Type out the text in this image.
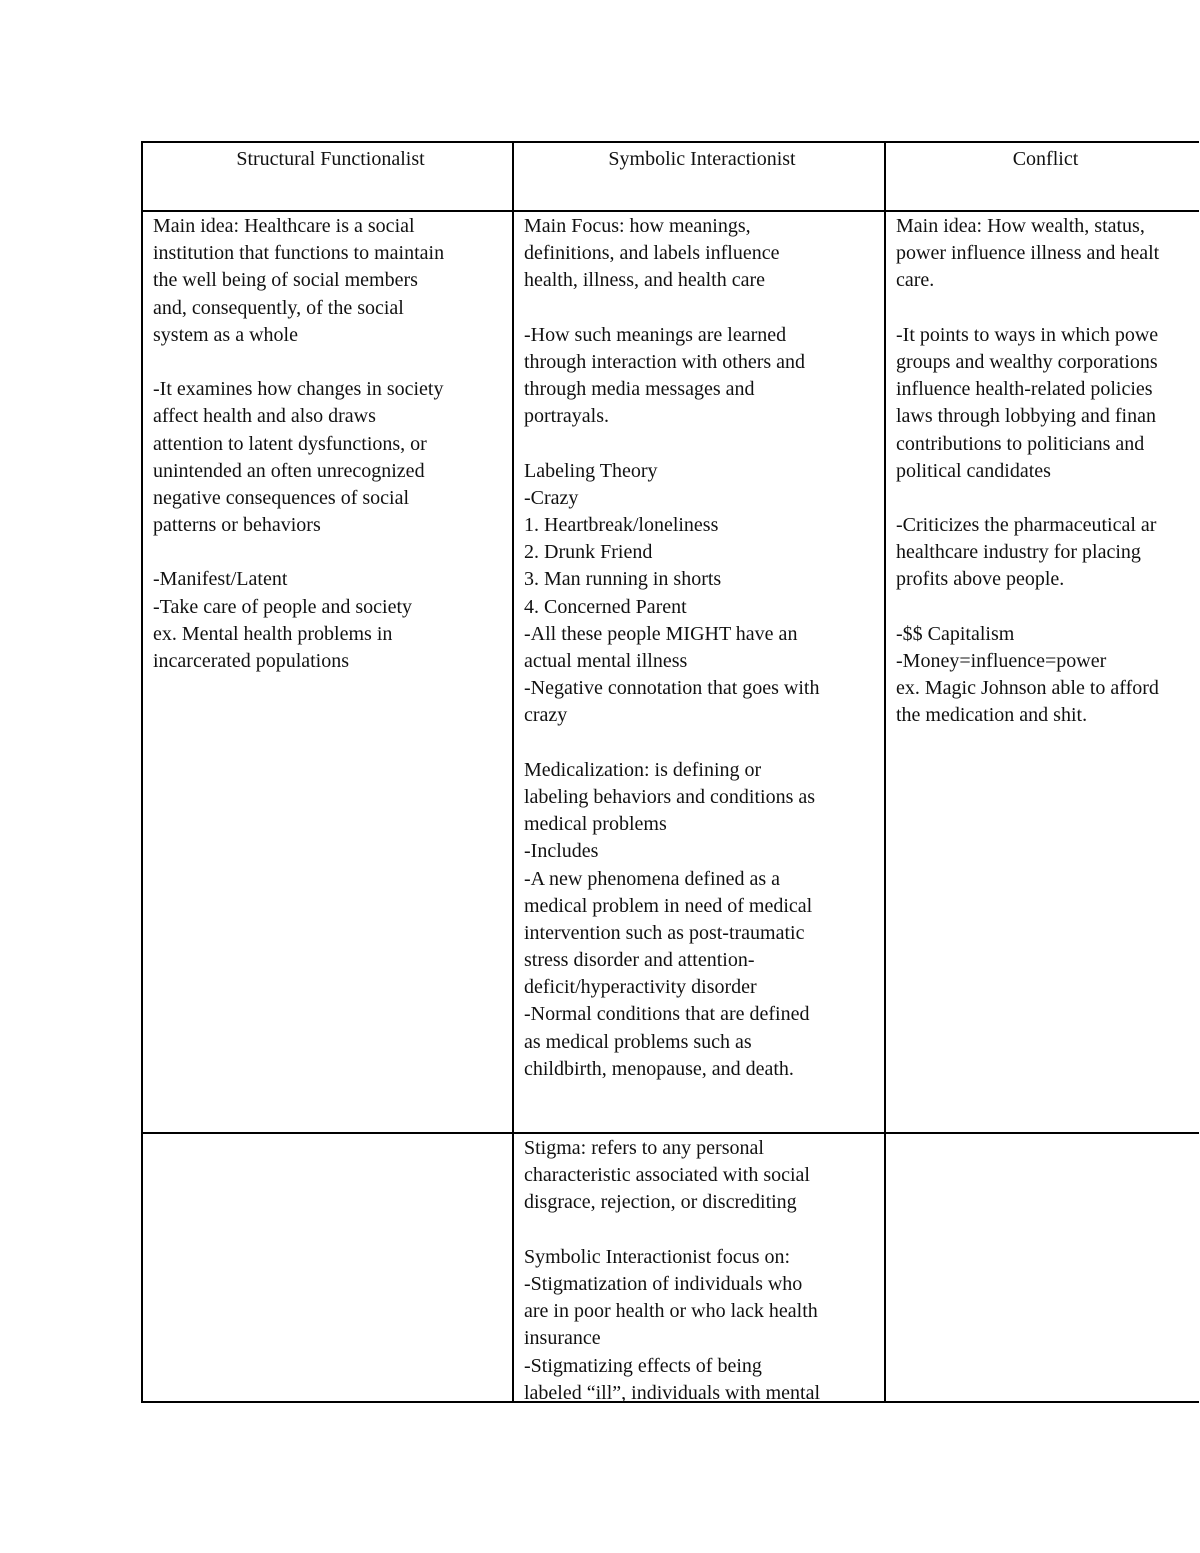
Structural Functionalist	Symbolic Interactionist	Conflict
Main idea: Healthcare is a social
institution that functions to maintain
the well being of social members
and, consequently, of the social
system as a whole
-It examines how changes in society
affect health and also draws
attention to latent dysfunctions, or
unintended an often unrecognized
negative consequences of social
patterns or behaviors
-Manifest/Latent
-Take care of people and society
ex. Mental health problems in
incarcerated populations
Main Focus: how meanings,
definitions, and labels influence
health, illness, and health care
-How such meanings are learned
through interaction with others and
through media messages and
portrayals.
Labeling Theory
-Crazy
1. Heartbreak/loneliness
2. Drunk Friend
3. Man running in shorts
4. Concerned Parent
-All these people MIGHT have an
actual mental illness
-Negative connotation that goes with
crazy
Medicalization: is defining or
labeling behaviors and conditions as
medical problems
-Includes
-A new phenomena defined as a
medical problem in need of medical
intervention such as post-traumatic
stress disorder and attention-
deficit/hyperactivity disorder
-Normal conditions that are defined
as medical problems such as
childbirth, menopause, and death.
Main idea: How wealth, status,
power influence illness and healt
care.
-It points to ways in which powe
groups and wealthy corporations
influence health-related policies
laws through lobbying and finan
contributions to politicians and
political candidates
-Criticizes the pharmaceutical ar
healthcare industry for placing
profits above people.
-$$ Capitalism
-Money=influence=power
ex. Magic Johnson able to afford
the medication and shit.
Stigma: refers to any personal
characteristic associated with social
disgrace, rejection, or discrediting
Symbolic Interactionist focus on:
-Stigmatization of individuals who
are in poor health or who lack health
insurance
-Stigmatizing effects of being
labeled “ill”, individuals with mental
